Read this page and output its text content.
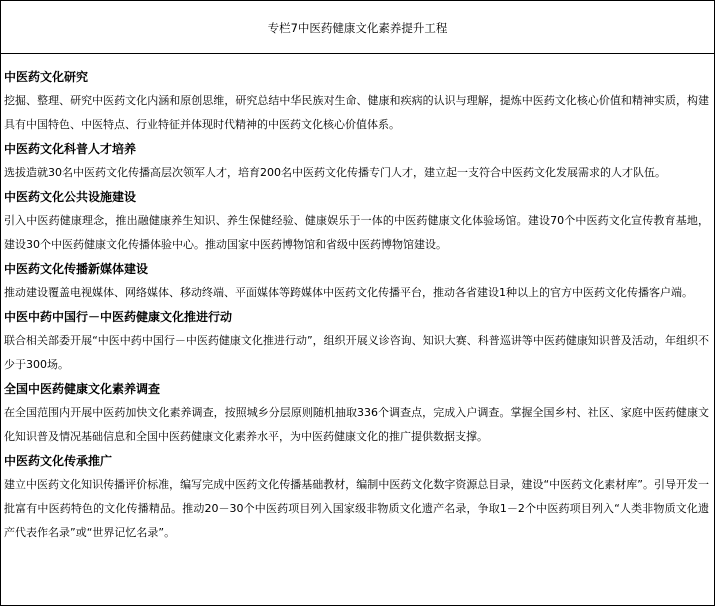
专栏7中医药健康文化素养提升工程
中医药文化研究
挖掘、整理、研究中医药文化内涵和原创思维，研究总结中华民族对生命、健康和疾病的认识与理解，提炼中医药文化核心价值和精神实质，构建具有中国特色、中医特点、行业特征并体现时代精神的中医药文化核心价值体系。
中医药文化科普人才培养
选拔造就30名中医药文化传播高层次领军人才，培育200名中医药文化传播专门人才，建立起一支符合中医药文化发展需求的人才队伍。
中医药文化公共设施建设
引入中医药健康理念，推出融健康养生知识、养生保健经验、健康娱乐于一体的中医药健康文化体验场馆。建设70个中医药文化宣传教育基地，建设30个中医药健康文化传播体验中心。推动国家中医药博物馆和省级中医药博物馆建设。
中医药文化传播新媒体建设
推动建设覆盖电视媒体、网络媒体、移动终端、平面媒体等跨媒体中医药文化传播平台，推动各省建设1种以上的官方中医药文化传播客户端。
中医中药中国行－中医药健康文化推进行动
联合相关部委开展“中医中药中国行－中医药健康文化推进行动”，组织开展义诊咨询、知识大赛、科普巡讲等中医药健康知识普及活动，年组织不少于300场。
全国中医药健康文化素养调查
在全国范围内开展中医药加快文化素养调查，按照城乡分层原则随机抽取336个调查点，完成入户调查。掌握全国乡村、社区、家庭中医药健康文化知识普及情况基础信息和全国中医药健康文化素养水平，为中医药健康文化的推广提供数据支撑。
中医药文化传承推广
建立中医药文化知识传播评价标准，编写完成中医药文化传播基础教材，编制中医药文化数字资源总目录，建设“中医药文化素材库”。引导开发一批富有中医药特色的文化传播精品。推动20－30个中医药项目列入国家级非物质文化遗产名录，争取1－2个中医药项目列入“人类非物质文化遗产代表作名录”或“世界记忆名录”。
